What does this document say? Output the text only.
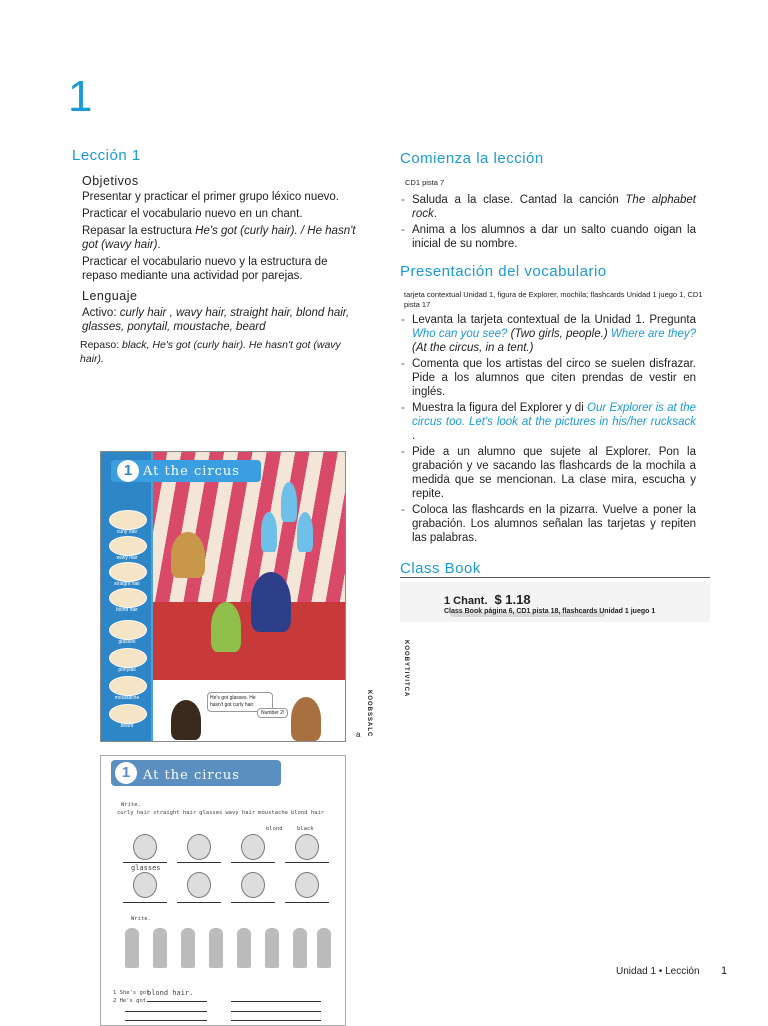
1
Lección 1
Objetivos
Presentar y practicar el primer grupo léxico nuevo.
Practicar el vocabulario nuevo en un chant.
Repasar la estructura He's got (curly hair). / He hasn't got (wavy hair).
Practicar el vocabulario nuevo y la estructura de repaso mediante una actividad por parejas.
Lenguaje
Activo: curly hair , wavy hair, straight hair, blond hair, glasses, ponytail, moustache, beard
Repaso: black, He's got (curly hair). He hasn't got (wavy hair).
Comienza la lección
CD1 pista 7
- Saluda a la clase. Cantad la canción The alphabet rock.
- Anima a los alumnos a dar un salto cuando oigan la inicial de su nombre.
Presentación del vocabulario
tarjeta contextual Unidad 1, figura de Explorer, mochila; flashcards Unidad 1 juego 1, CD1 pista 17
- Levanta la tarjeta contextual de la Unidad 1. Pregunta Who can you see? (Two girls, people.) Where are they? (At the circus, in a tent.)
- Comenta que los artistas del circo se suelen disfrazar. Pide a los alumnos que citen prendas de vestir en inglés.
- Muestra la figura del Explorer y di Our Explorer is at the circus too. Let's look at the pictures in his/her rucksack .
- Pide a un alumno que sujete al Explorer. Pon la grabación y ve sacando las flashcards de la mochila a medida que se mencionan. La clase mira, escucha y repite.
- Coloca las flashcards en la pizarra. Vuelve a poner la grabación. Los alumnos señalan las tarjetas y repiten las palabras.
Class Book
1 Chant. $ 1.18
Class Book página 6, CD1 pista 18, flashcards Unidad 1 juego 1
KOOBYTIVITCA
KOOBSSALC
a
1 At the circus
curly hair
wavy hair
straight hair
blond hair
glasses
ponytail
moustache
beard
He's got glasses. He hasn't got curly hair.
Number 2!
1 At the circus
Write.
curly hair straight hair glasses wavy hair moustache blond hair
blond	black
glasses
Write.
1 She's got
blond hair.
2 He's got
Unidad 1 • Lección 1
